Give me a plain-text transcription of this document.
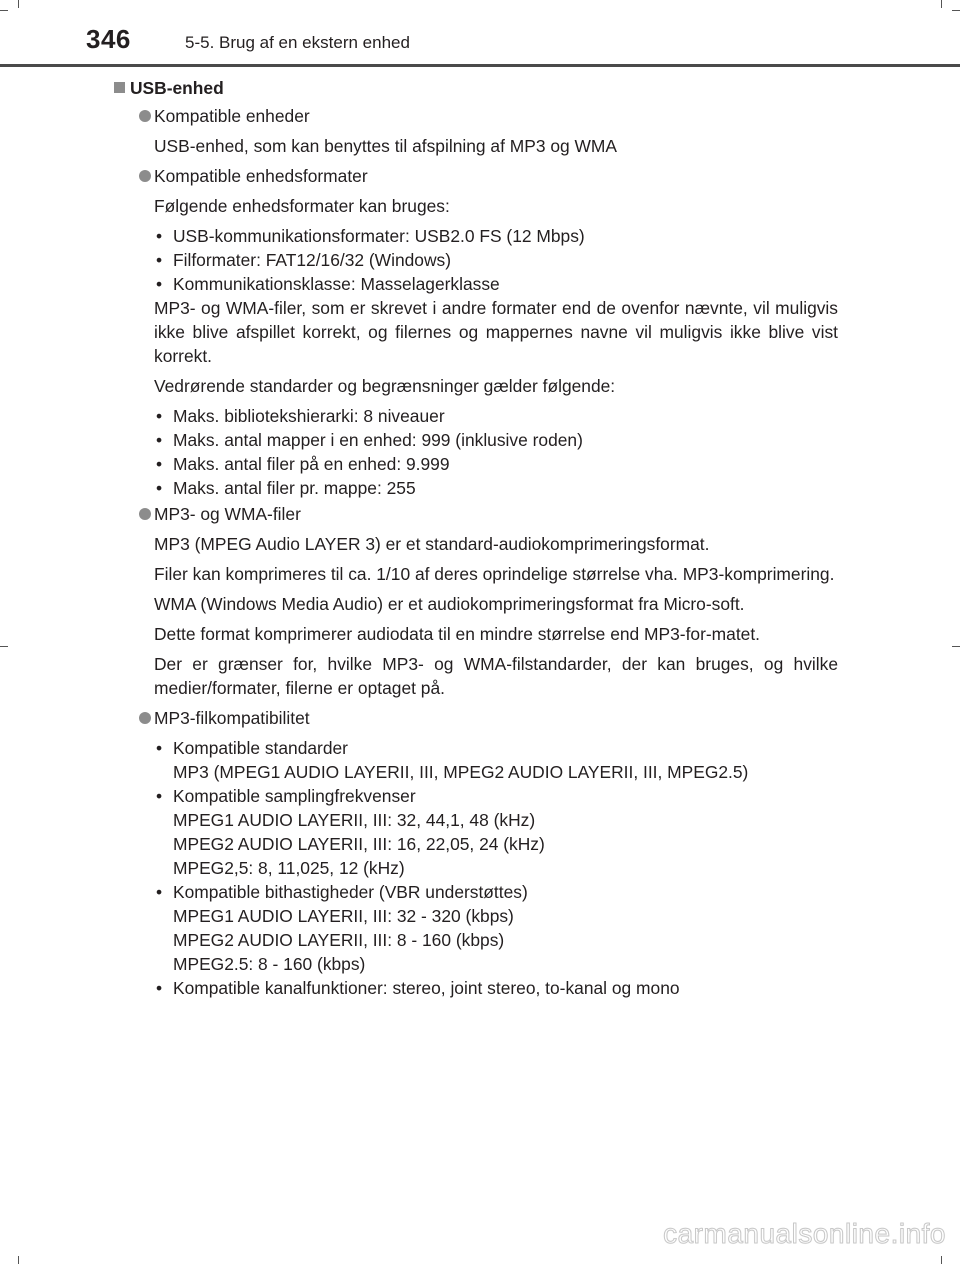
346	5-5. Brug af en ekstern enhed
USB-enhed
Kompatible enheder
USB-enhed, som kan benyttes til afspilning af MP3 og WMA
Kompatible enhedsformater
Følgende enhedsformater kan bruges:
• USB-kommunikationsformater: USB2.0 FS (12 Mbps)
• Filformater: FAT12/16/32 (Windows)
• Kommunikationsklasse: Masselagerklasse
MP3- og WMA-filer, som er skrevet i andre formater end de ovenfor nævnte, vil muligvis ikke blive afspillet korrekt, og filernes og mappernes navne vil muligvis ikke blive vist korrekt.
Vedrørende standarder og begrænsninger gælder følgende:
• Maks. bibliotekshierarki: 8 niveauer
• Maks. antal mapper i en enhed: 999 (inklusive roden)
• Maks. antal filer på en enhed: 9.999
• Maks. antal filer pr. mappe: 255
MP3- og WMA-filer
MP3 (MPEG Audio LAYER 3) er et standard-audiokomprimeringsformat.
Filer kan komprimeres til ca. 1/10 af deres oprindelige størrelse vha. MP3-komprimering.
WMA (Windows Media Audio) er et audiokomprimeringsformat fra Micro-soft.
Dette format komprimerer audiodata til en mindre størrelse end MP3-for-matet.
Der er grænser for, hvilke MP3- og WMA-filstandarder, der kan bruges, og hvilke medier/formater, filerne er optaget på.
MP3-filkompatibilitet
• Kompatible standarder
MP3 (MPEG1 AUDIO LAYERII, III, MPEG2 AUDIO LAYERII, III, MPEG2.5)
• Kompatible samplingfrekvenser
MPEG1 AUDIO LAYERII, III: 32, 44,1, 48 (kHz)
MPEG2 AUDIO LAYERII, III: 16, 22,05, 24 (kHz)
MPEG2,5: 8, 11,025, 12 (kHz)
• Kompatible bithastigheder (VBR understøttes)
MPEG1 AUDIO LAYERII, III: 32 - 320 (kbps)
MPEG2 AUDIO LAYERII, III: 8 - 160 (kbps)
MPEG2.5: 8 - 160 (kbps)
• Kompatible kanalfunktioner: stereo, joint stereo, to-kanal og mono
carmanualsonline.info
